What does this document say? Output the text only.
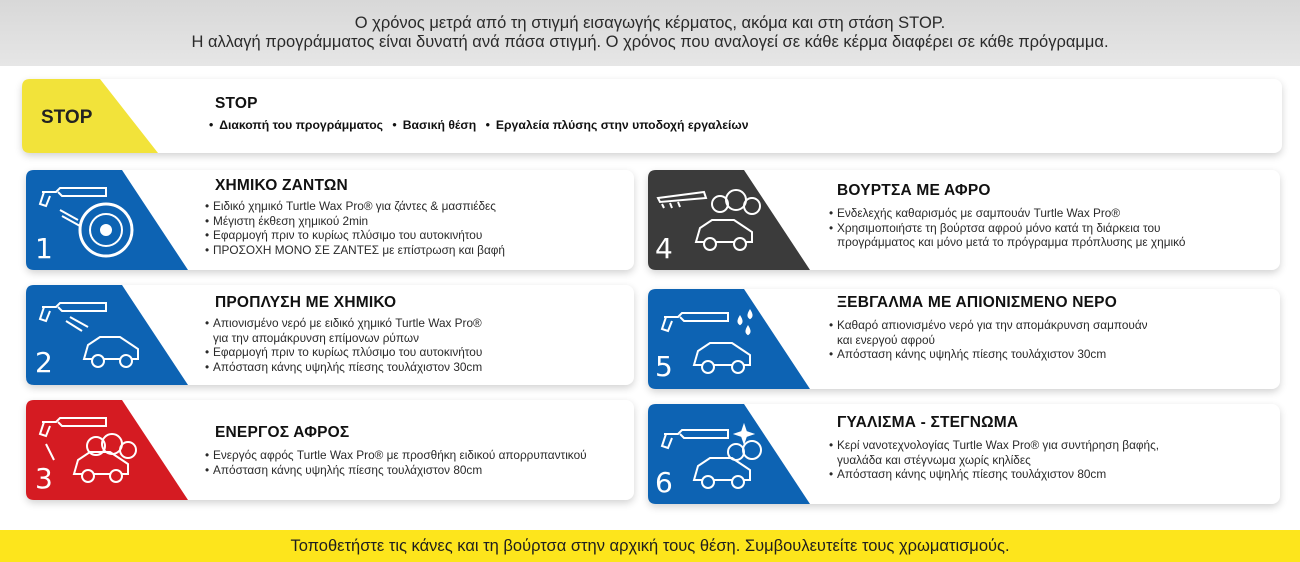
Ο χρόνος μετρά από τη στιγμή εισαγωγής κέρματος, ακόμα και στη στάση STOP.
Η αλλαγή προγράμματος είναι δυνατή ανά πάσα στιγμή. Ο χρόνος που αναλογεί σε κάθε κέρμα διαφέρει σε κάθε πρόγραμμα.
STOP
STOP
• Διακοπή του προγράμματος • Βασική θέση • Εργαλεία πλύσης στην υποδοχή εργαλείων
1
ΧΗΜΙΚΟ ΖΑΝΤΩΝ
• Ειδικό χημικό Turtle Wax Pro® για ζάντες & μασπιέδες
• Μέγιστη έκθεση χημικού 2min
• Εφαρμογή πριν το κυρίως πλύσιμο του αυτοκινήτου
• ΠΡΟΣΟΧΗ ΜΟΝΟ ΣΕ ΖΑΝΤΕΣ με επίστρωση και βαφή
2
ΠΡΟΠΛΥΣΗ ΜΕ ΧΗΜΙΚΟ
• Απιονισμένο νερό με ειδικό χημικό Turtle Wax Pro®
για την απομάκρυνση επίμονων ρύπων
• Εφαρμογή πριν το κυρίως πλύσιμο του αυτοκινήτου
• Απόσταση κάνης υψηλής πίεσης τουλάχιστον 30cm
3
ΕΝΕΡΓΟΣ ΑΦΡΟΣ
• Ενεργός αφρός Turtle Wax Pro® με προσθήκη ειδικού απορρυπαντικού
• Απόσταση κάνης υψηλής πίεσης τουλάχιστον 80cm
4
ΒΟΥΡΤΣΑ ΜΕ ΑΦΡΟ
• Ενδελεχής καθαρισμός με σαμπουάν Turtle Wax Pro®
• Χρησιμοποιήστε τη βούρτσα αφρού μόνο κατά τη διάρκεια του
προγράμματος και μόνο μετά το πρόγραμμα πρόπλυσης με χημικό
5
ΞΕΒΓΑΛΜΑ ΜΕ ΑΠΙΟΝΙΣΜΕΝΟ ΝΕΡΟ
• Καθαρό απιονισμένο νερό για την απομάκρυνση σαμπουάν
και ενεργού αφρού
• Απόσταση κάνης υψηλής πίεσης τουλάχιστον 30cm
6
ΓΥΑΛΙΣΜΑ - ΣΤΕΓΝΩΜΑ
• Κερί νανοτεχνολογίας Turtle Wax Pro® για συντήρηση βαφής,
γυαλάδα και στέγνωμα χωρίς κηλίδες
• Απόσταση κάνης υψηλής πίεσης τουλάχιστον 80cm
Τοποθετήστε τις κάνες και τη βούρτσα στην αρχική τους θέση. Συμβουλευτείτε τους χρωματισμούς.
